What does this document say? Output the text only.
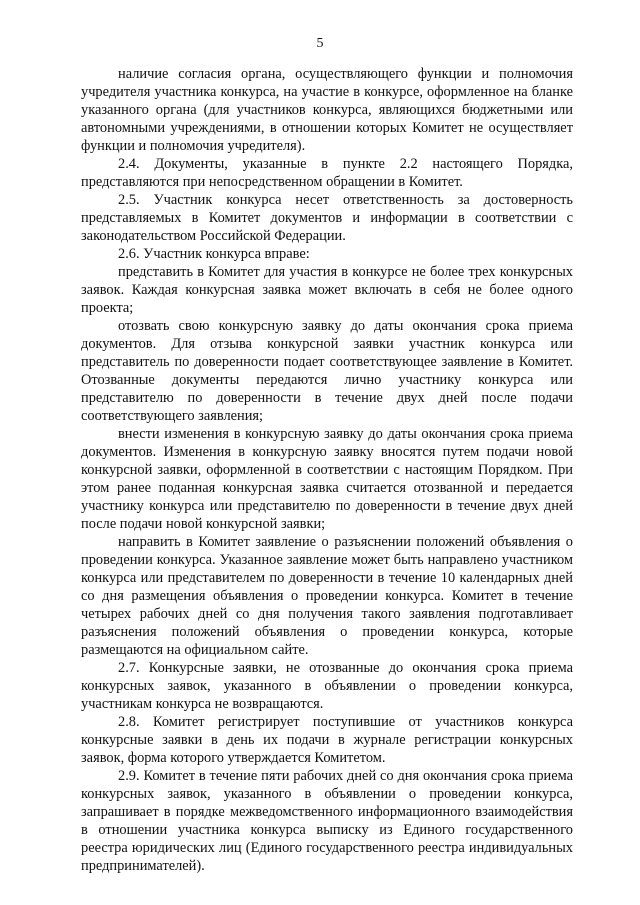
5

наличие согласия органа, осуществляющего функции и полномочия учредителя участника конкурса, на участие в конкурсе, оформленное на бланке указанного органа (для участников конкурса, являющихся бюджетными или автономными учреждениями, в отношении которых Комитет не осуществляет функции и полномочия учредителя).

2.4. Документы, указанные в пункте 2.2 настоящего Порядка, представляются при непосредственном обращении в Комитет.

2.5. Участник конкурса несет ответственность за достоверность представляемых в Комитет документов и информации в соответствии с законодательством Российской Федерации.

2.6. Участник конкурса вправе:

представить в Комитет для участия в конкурсе не более трех конкурсных заявок. Каждая конкурсная заявка может включать в себя не более одного проекта;

отозвать свою конкурсную заявку до даты окончания срока приема документов. Для отзыва конкурсной заявки участник конкурса или представитель по доверенности подает соответствующее заявление в Комитет. Отозванные документы передаются лично участнику конкурса или представителю по доверенности в течение двух дней после подачи соответствующего заявления;

внести изменения в конкурсную заявку до даты окончания срока приема документов. Изменения в конкурсную заявку вносятся путем подачи новой конкурсной заявки, оформленной в соответствии с настоящим Порядком. При этом ранее поданная конкурсная заявка считается отозванной и передается участнику конкурса или представителю по доверенности в течение двух дней после подачи новой конкурсной заявки;

направить в Комитет заявление о разъяснении положений объявления о проведении конкурса. Указанное заявление может быть направлено участником конкурса или представителем по доверенности в течение 10 календарных дней со дня размещения объявления о проведении конкурса. Комитет в течение четырех рабочих дней со дня получения такого заявления подготавливает разъяснения положений объявления о проведении конкурса, которые размещаются на официальном сайте.

2.7. Конкурсные заявки, не отозванные до окончания срока приема конкурсных заявок, указанного в объявлении о проведении конкурса, участникам конкурса не возвращаются.

2.8. Комитет регистрирует поступившие от участников конкурса конкурсные заявки в день их подачи в журнале регистрации конкурсных заявок, форма которого утверждается Комитетом.

2.9. Комитет в течение пяти рабочих дней со дня окончания срока приема конкурсных заявок, указанного в объявлении о проведении конкурса, запрашивает в порядке межведомственного информационного взаимодействия в отношении участника конкурса выписку из Единого государственного реестра юридических лиц (Единого государственного реестра индивидуальных предпринимателей).
